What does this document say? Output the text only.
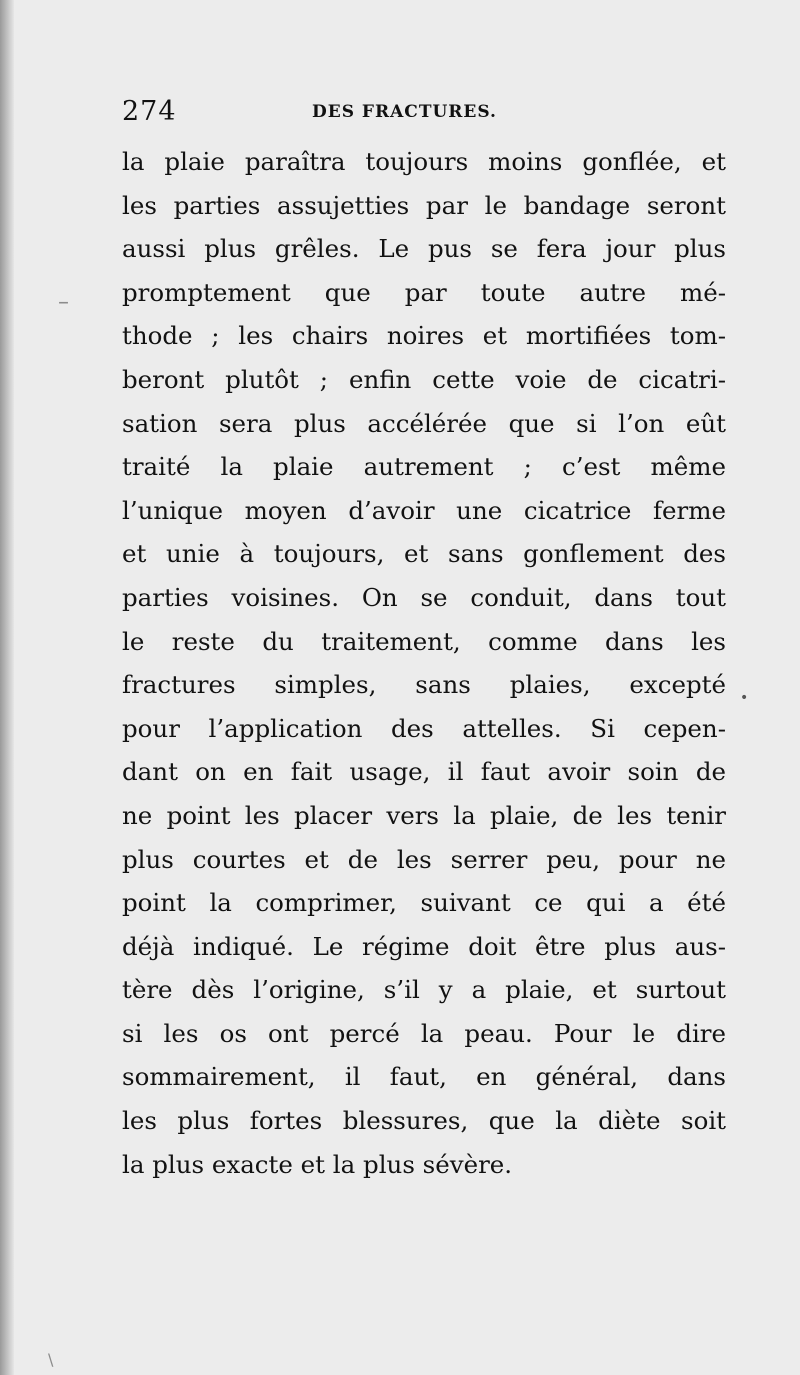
274	DES FRACTURES.
la plaie paraîtra toujours moins gonflée, et
les parties assujetties par le bandage seront
aussi plus grêles. Le pus se fera jour plus
promptement que par toute autre mé-
thode ; les chairs noires et mortifiées tom-
beront plutôt ; enfin cette voie de cicatri-
sation sera plus accélérée que si l’on eût
traité la plaie autrement ; c’est même
l’unique moyen d’avoir une cicatrice ferme
et unie à toujours, et sans gonflement des
parties voisines. On se conduit, dans tout
le reste du traitement, comme dans les
fractures simples, sans plaies, excepté
pour l’application des attelles. Si cepen-
dant on en fait usage, il faut avoir soin de
ne point les placer vers la plaie, de les tenir
plus courtes et de les serrer peu, pour ne
point la comprimer, suivant ce qui a été
déjà indiqué. Le régime doit être plus aus-
tère dès l’origine, s’il y a plaie, et surtout
si les os ont percé la peau. Pour le dire
sommairement, il faut, en général, dans
les plus fortes blessures, que la diète soit
la plus exacte et la plus sévère.
–
•
\
